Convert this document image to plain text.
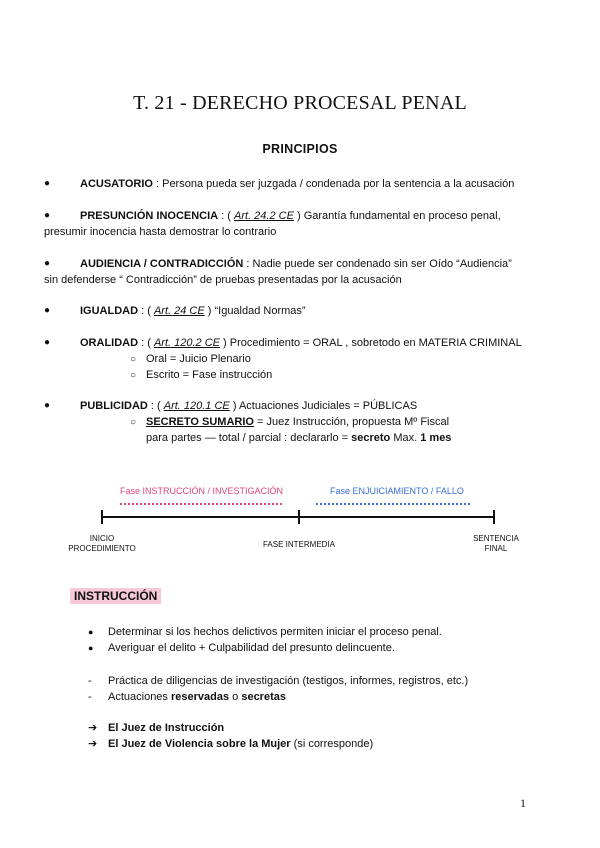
T. 21 - DERECHO PROCESAL PENAL
PRINCIPIOS
●	ACUSATORIO : Persona pueda ser juzgada / condenada por la sentencia a la acusación
●	PRESUNCIÓN INOCENCIA : ( Art. 24.2 CE ) Garantía fundamental en proceso penal,
presumir inocencia hasta demostrar lo contrario
●	AUDIENCIA / CONTRADICCIÓN : Nadie puede ser condenado sin ser Oído “Audiencia”
sin defenderse “ Contradicción” de pruebas presentadas por la acusación
●	IGUALDAD : ( Art. 24 CE ) “Igualdad Normas”
●	ORALIDAD : ( Art. 120.2 CE ) Procedimiento = ORAL , sobretodo en MATERIA CRIMINAL
○ Oral = Juicio Plenario
○ Escrito = Fase instrucción
●	PUBLICIDAD : ( Art. 120.1 CE ) Actuaciones Judiciales = PÚBLICAS
○ SECRETO SUMARIO = Juez Instrucción, propuesta Mº Fiscal
para partes — total / parcial : declararlo = secreto Max. 1 mes
Fase INSTRUCCIÓN / INVESTIGACIÓN	Fase ENJUICIAMIENTO / FALLO
INICIO
PROCEDIMIENTO	FASE INTERMEDIA
SENTENCIA
FINAL
INSTRUCCIÓN
● Determinar si los hechos delictivos permiten iniciar el proceso penal.
● Averiguar el delito + Culpabilidad del presunto delincuente.
- Práctica de diligencias de investigación (testigos, informes, registros, etc.)
- Actuaciones reservadas o secretas
➔ El Juez de Instrucción
➔ El Juez de Violencia sobre la Mujer (si corresponde)
1
